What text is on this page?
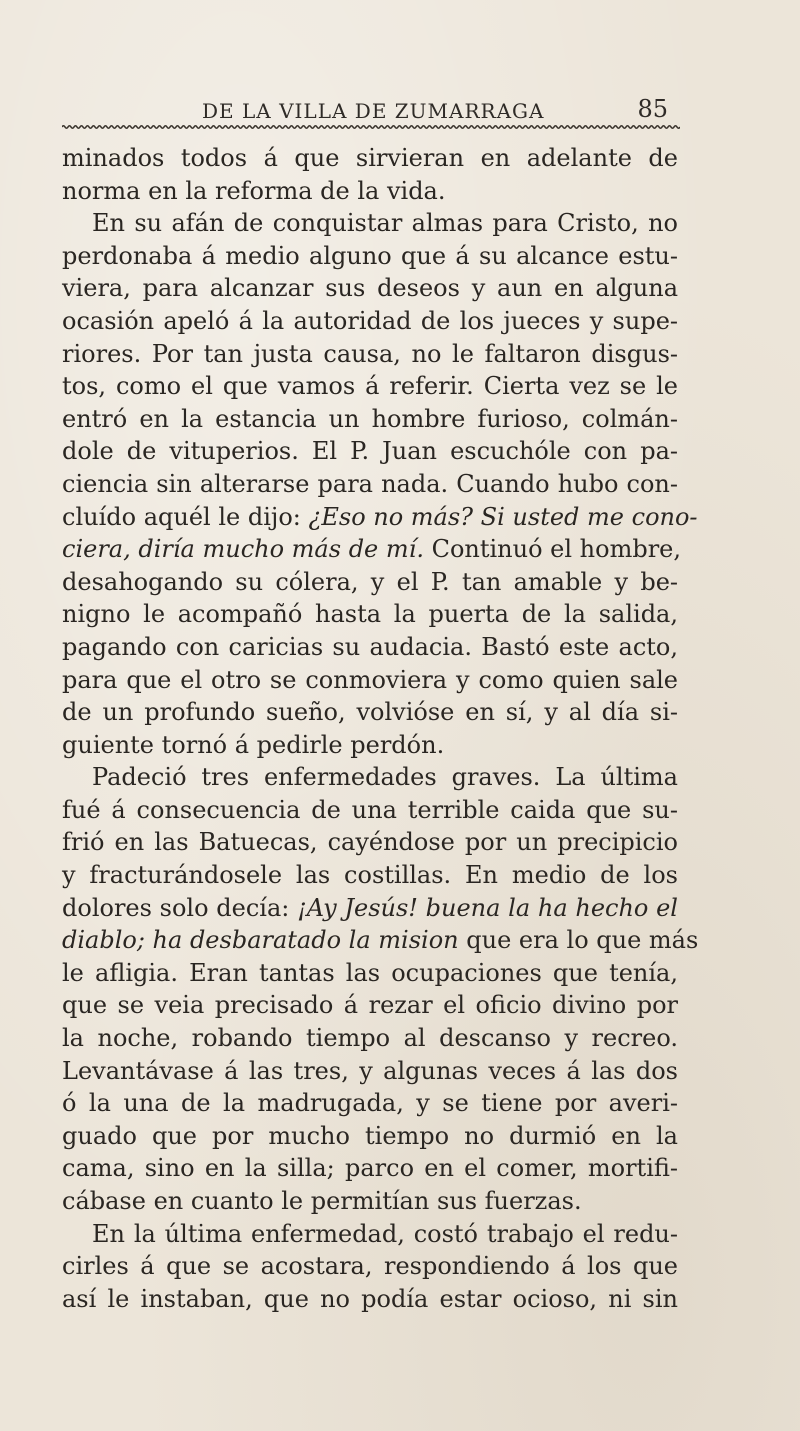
DE LA VILLA DE ZUMARRAGA	85
minados todos á que sirvieran en adelante de
norma en la reforma de la vida.
En su afán de conquistar almas para Cristo, no
perdonaba á medio alguno que á su alcance estu-
viera, para alcanzar sus deseos y aun en alguna
ocasión apeló á la autoridad de los jueces y supe-
riores. Por tan justa causa, no le faltaron disgus-
tos, como el que vamos á referir. Cierta vez se le
entró en la estancia un hombre furioso, colmán-
dole de vituperios. El P. Juan escuchóle con pa-
ciencia sin alterarse para nada. Cuando hubo con-
cluído aquél le dijo: ¿Eso no más? Si usted me cono-
ciera, diría mucho más de mí. Continuó el hombre,
desahogando su cólera, y el P. tan amable y be-
nigno le acompañó hasta la puerta de la salida,
pagando con caricias su audacia. Bastó este acto,
para que el otro se conmoviera y como quien sale
de un profundo sueño, volvióse en sí, y al día si-
guiente tornó á pedirle perdón.
Padeció tres enfermedades graves. La última
fué á consecuencia de una terrible caida que su-
frió en las Batuecas, cayéndose por un precipicio
y fracturándosele las costillas. En medio de los
dolores solo decía: ¡Ay Jesús! buena la ha hecho el
diablo; ha desbaratado la mision que era lo que más
le afligia. Eran tantas las ocupaciones que tenía,
que se veia precisado á rezar el oficio divino por
la noche, robando tiempo al descanso y recreo.
Levantávase á las tres, y algunas veces á las dos
ó la una de la madrugada, y se tiene por averi-
guado que por mucho tiempo no durmió en la
cama, sino en la silla; parco en el comer, mortifi-
cábase en cuanto le permitían sus fuerzas.
En la última enfermedad, costó trabajo el redu-
cirles á que se acostara, respondiendo á los que
así le instaban, que no podía estar ocioso, ni sin
